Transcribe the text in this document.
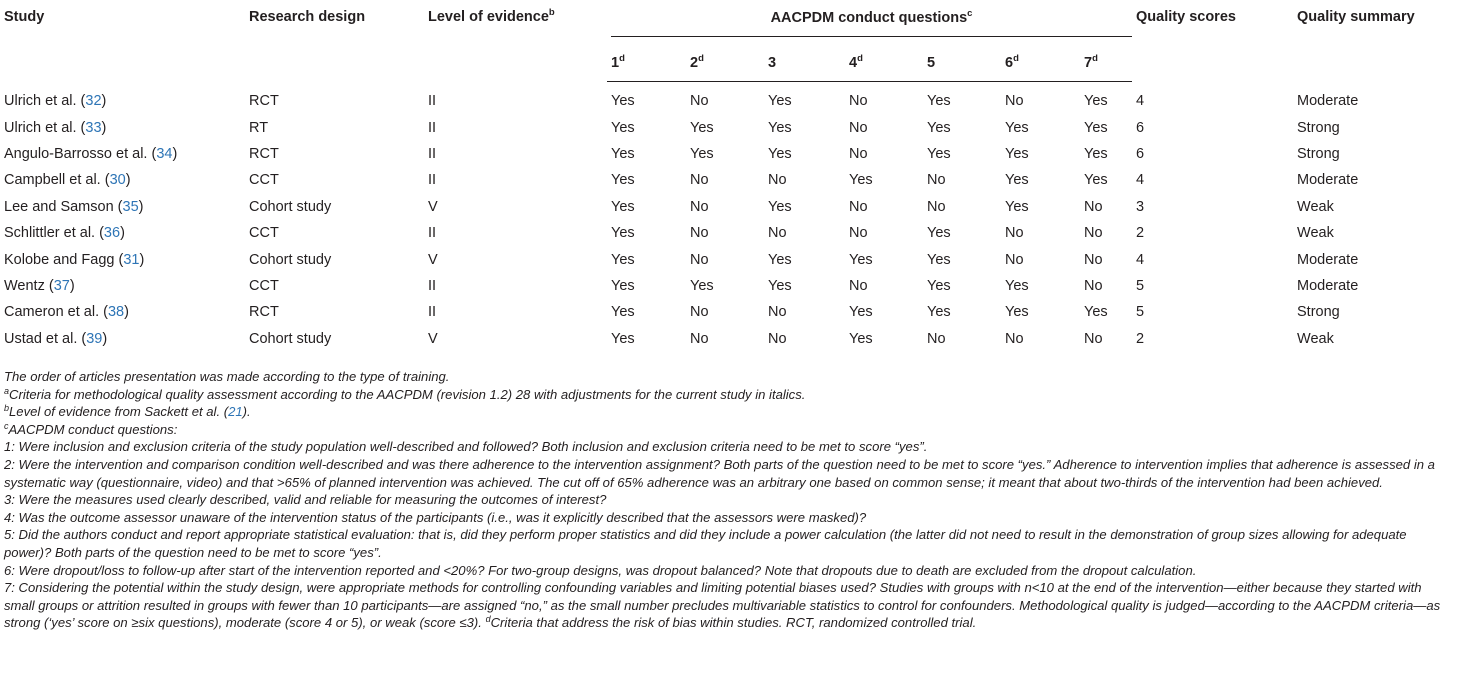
Study	Research design	Level of evidence$^b$	AACPDM conduct questions$^c$							Quality scores	Quality summary
			1$^d$	2$^d$	3	4$^d$	5	6$^d$	7$^d$
Ulrich et al. (32)	RCT	II	Yes	No	Yes	No	Yes	No	Yes	4	Moderate
Ulrich et al. (33)	RT	II	Yes	Yes	Yes	No	Yes	Yes	Yes	6	Strong
Angulo-Barrosso et al. (34)	RCT	II	Yes	Yes	Yes	No	Yes	Yes	Yes	6	Strong
Campbell et al. (30)	CCT	II	Yes	No	No	Yes	No	Yes	Yes	4	Moderate
Lee and Samson (35)	Cohort study	V	Yes	No	Yes	No	No	Yes	No	3	Weak
Schlittler et al. (36)	CCT	II	Yes	No	No	No	Yes	No	No	2	Weak
Kolobe and Fagg (31)	Cohort study	V	Yes	No	Yes	Yes	Yes	No	No	4	Moderate
Wentz (37)	CCT	II	Yes	Yes	Yes	No	Yes	Yes	No	5	Moderate
Cameron et al. (38)	RCT	II	Yes	No	No	Yes	Yes	Yes	Yes	5	Strong
Ustad et al. (39)	Cohort study	V	Yes	No	No	Yes	No	No	No	2	Weak

The order of articles presentation was made according to the type of training.

$^a$Criteria for methodological quality assessment according to the AACPDM (revision 1.2) 28 with adjustments for the current study in italics.

$^b$Level of evidence from Sackett et al. (21).

$^c$AACPDM conduct questions:

1: Were inclusion and exclusion criteria of the study population well-described and followed? Both inclusion and exclusion criteria need to be met to score “yes”.

2: Were the intervention and comparison condition well-described and was there adherence to the intervention assignment? Both parts of the question need to be met to score “yes.” Adherence to intervention implies that adherence is assessed in a systematic way (questionnaire, video) and that >65% of planned intervention was achieved. The cut off of 65% adherence was an arbitrary one based on common sense; it meant that about two-thirds of the intervention had been achieved.

3: Were the measures used clearly described, valid and reliable for measuring the outcomes of interest?

4: Was the outcome assessor unaware of the intervention status of the participants (i.e., was it explicitly described that the assessors were masked)?

5: Did the authors conduct and report appropriate statistical evaluation: that is, did they perform proper statistics and did they include a power calculation (the latter did not need to result in the demonstration of group sizes allowing for adequate power)? Both parts of the question need to be met to score “yes”.

6: Were dropout/loss to follow-up after start of the intervention reported and <20%? For two-group designs, was dropout balanced? Note that dropouts due to death are excluded from the dropout calculation.

7: Considering the potential within the study design, were appropriate methods for controlling confounding variables and limiting potential biases used? Studies with groups with n<10 at the end of the intervention—either because they started with small groups or attrition resulted in groups with fewer than 10 participants—are assigned “no,” as the small number precludes multivariable statistics to control for confounders. Methodological quality is judged—according to the AACPDM criteria—as strong (‘yes’ score on ≥six questions), moderate (score 4 or 5), or weak (score ≤3). $^d$Criteria that address the risk of bias within studies. RCT, randomized controlled trial.
